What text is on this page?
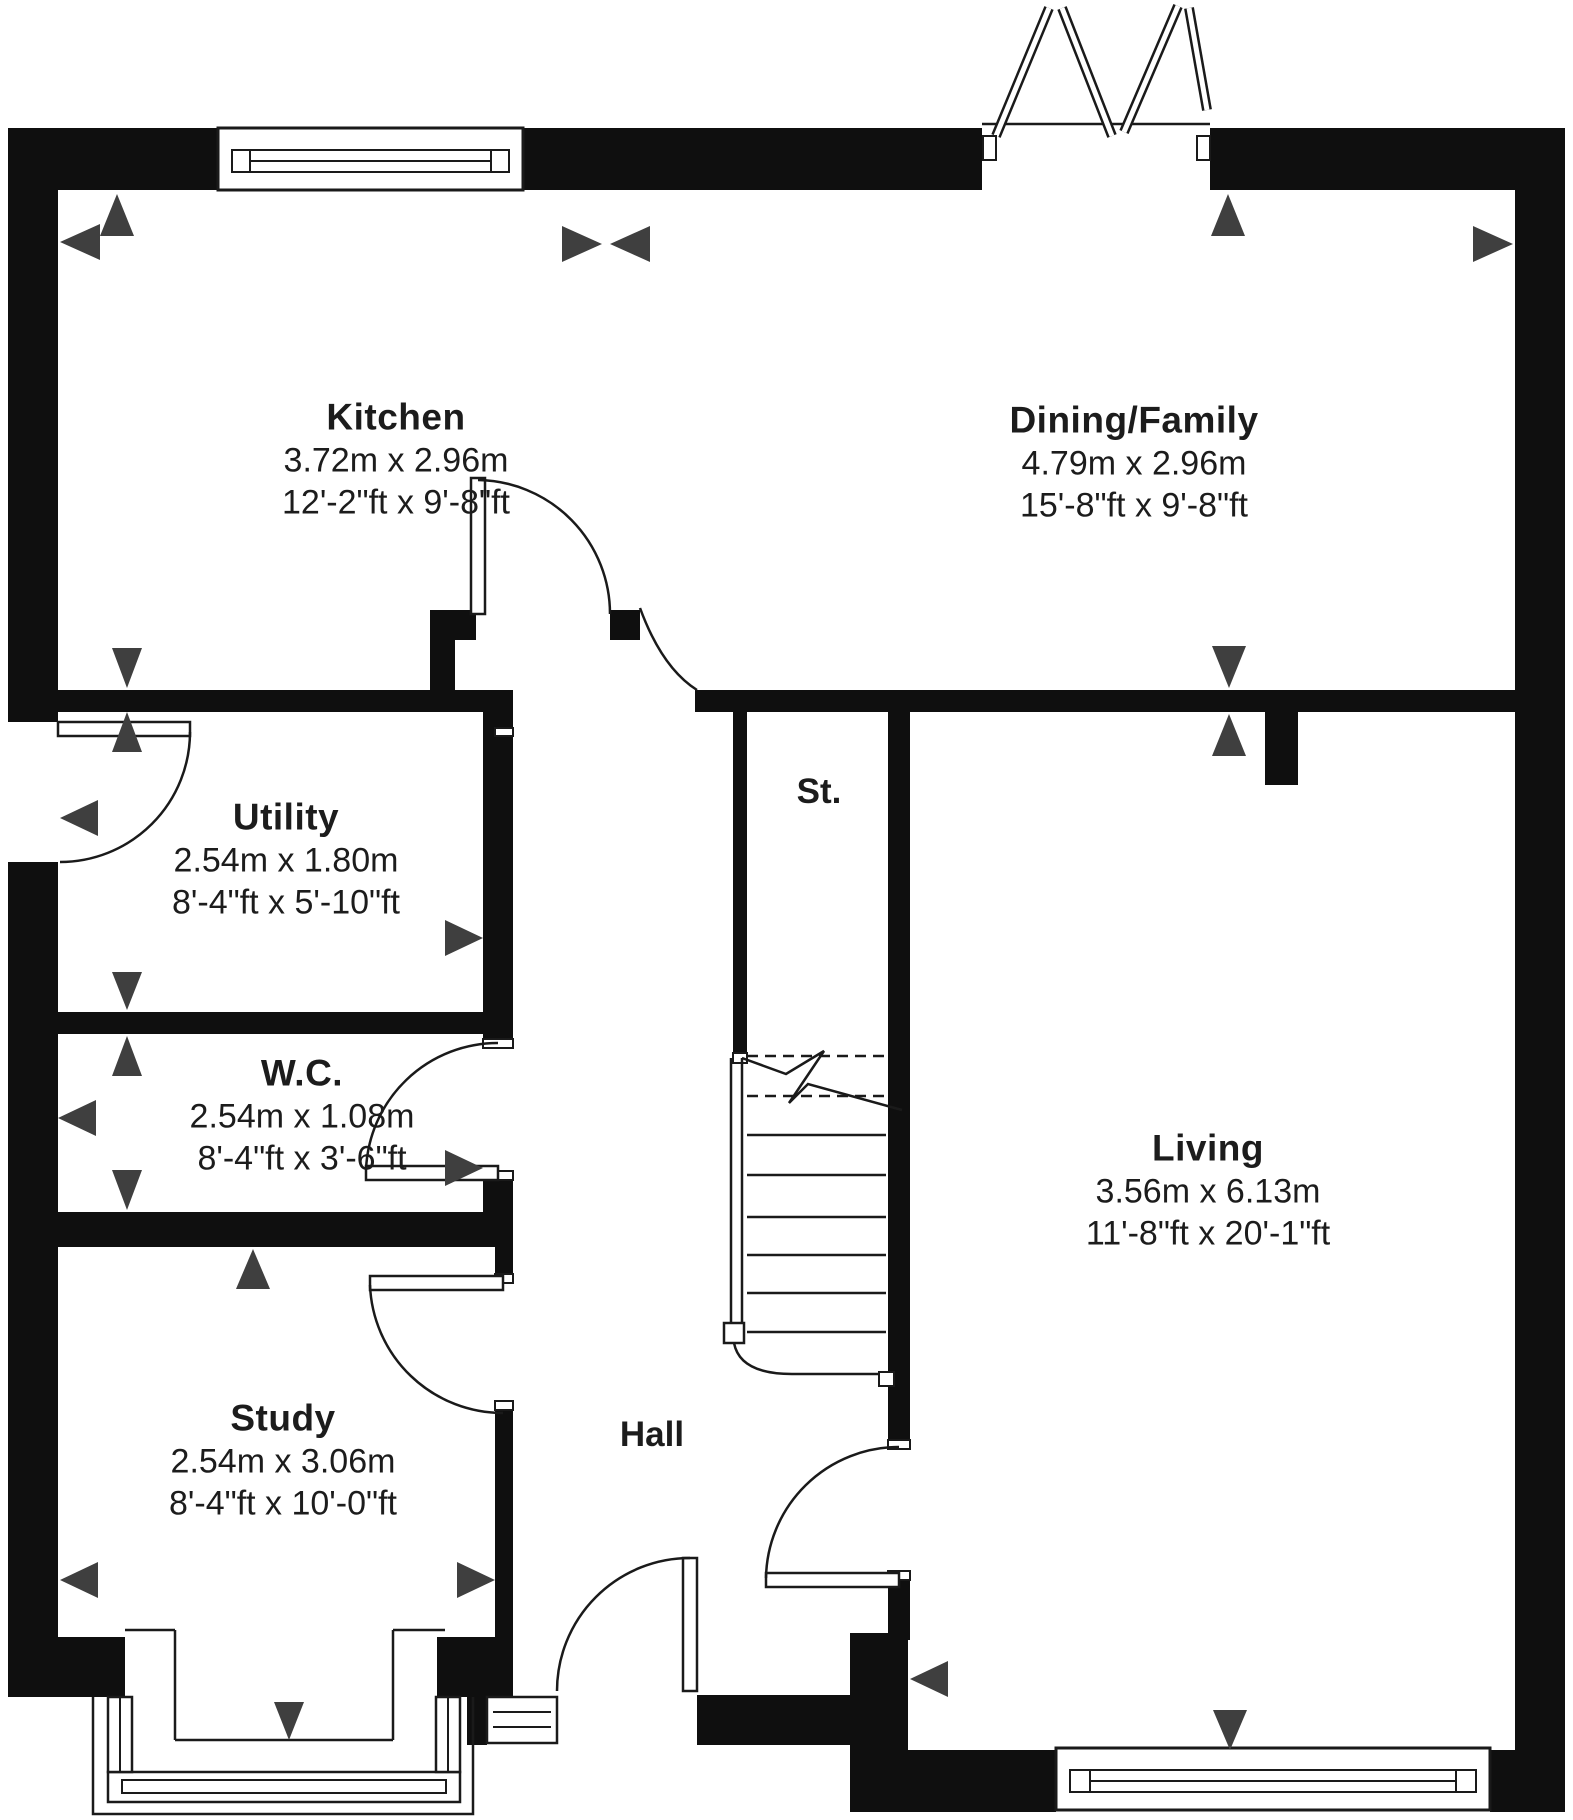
Kitchen
3.72m x 2.96m
12'-2"ft x 9'-8"ft
Dining/Family
4.79m x 2.96m
15'-8"ft x 9'-8"ft
Utility
2.54m x 1.80m
8'-4"ft x 5'-10"ft
W.C.
2.54m x 1.08m
8'-4"ft x 3'-6"ft
Study
2.54m x 3.06m
8'-4"ft x 10'-0"ft
Living
3.56m x 6.13m
11'-8"ft x 20'-1"ft
St.
Hall
